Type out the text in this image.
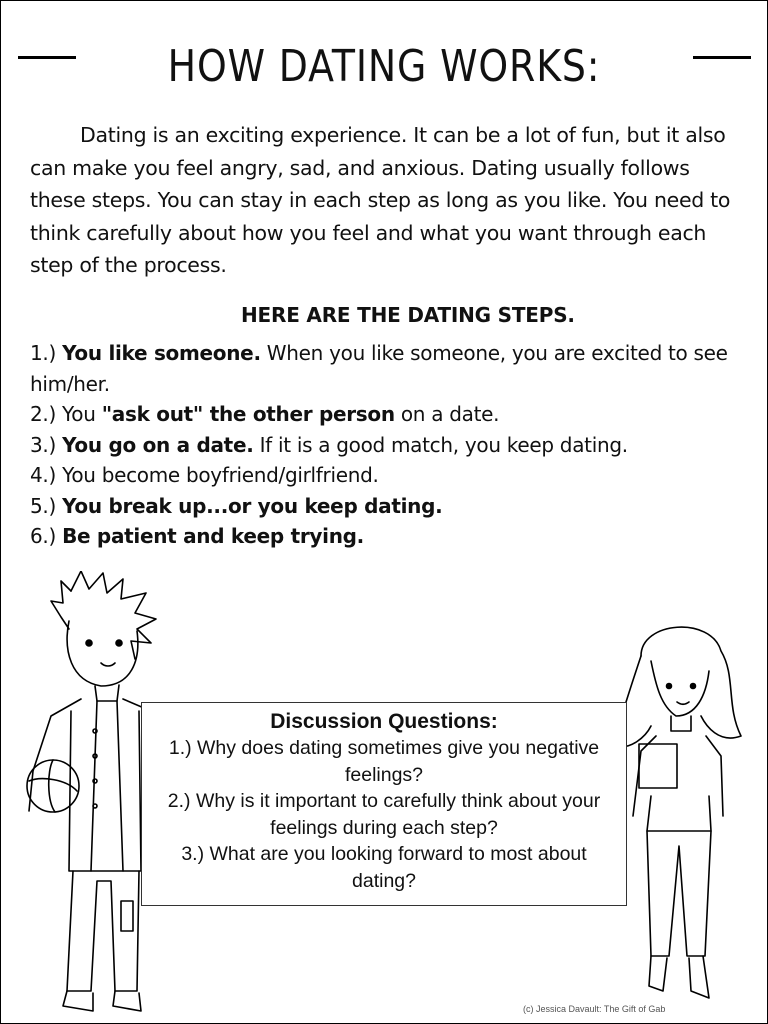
HOW DATING WORKS:
Dating is an exciting experience. It can be a lot of fun, but it also can make you feel angry, sad, and anxious. Dating usually follows these steps. You can stay in each step as long as you like. You need to think carefully about how you feel and what you want through each step of the process.
HERE ARE THE DATING STEPS.
1.) You like someone. When you like someone, you are excited to see him/her.
2.) You "ask out" the other person on a date.
3.) You go on a date. If it is a good match, you keep dating.
4.) You become boyfriend/girlfriend.
5.) You break up...or you keep dating.
6.) Be patient and keep trying.
Discussion Questions:
1.) Why does dating sometimes give you negative feelings?
2.) Why is it important to carefully think about your feelings during each step?
3.) What are you looking forward to most about dating?
(c) Jessica Davault: The Gift of Gab
